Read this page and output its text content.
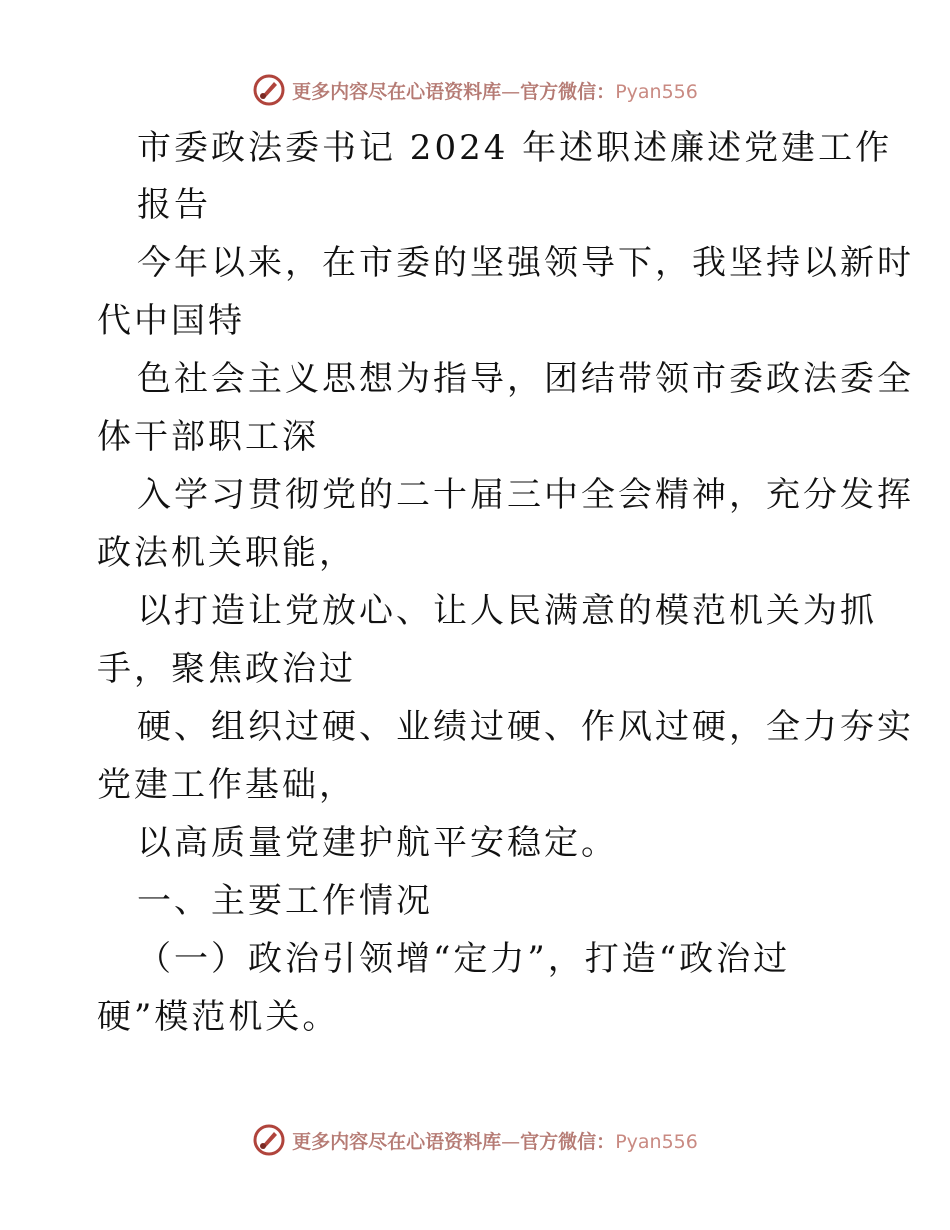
更多内容尽在心语资料库—官方微信：Pyan556
市委政法委书记 2024 年述职述廉述党建工作
报告
今年以来，在市委的坚强领导下，我坚持以新时
代中国特
色社会主义思想为指导，团结带领市委政法委全
体干部职工深
入学习贯彻党的二十届三中全会精神，充分发挥
政法机关职能，
以打造让党放心、让人民满意的模范机关为抓
手，聚焦政治过
硬、组织过硬、业绩过硬、作风过硬，全力夯实
党建工作基础，
以高质量党建护航平安稳定。
一、主要工作情况
（一）政治引领增“定力”，打造“政治过
硬”模范机关。
更多内容尽在心语资料库—官方微信：Pyan556
